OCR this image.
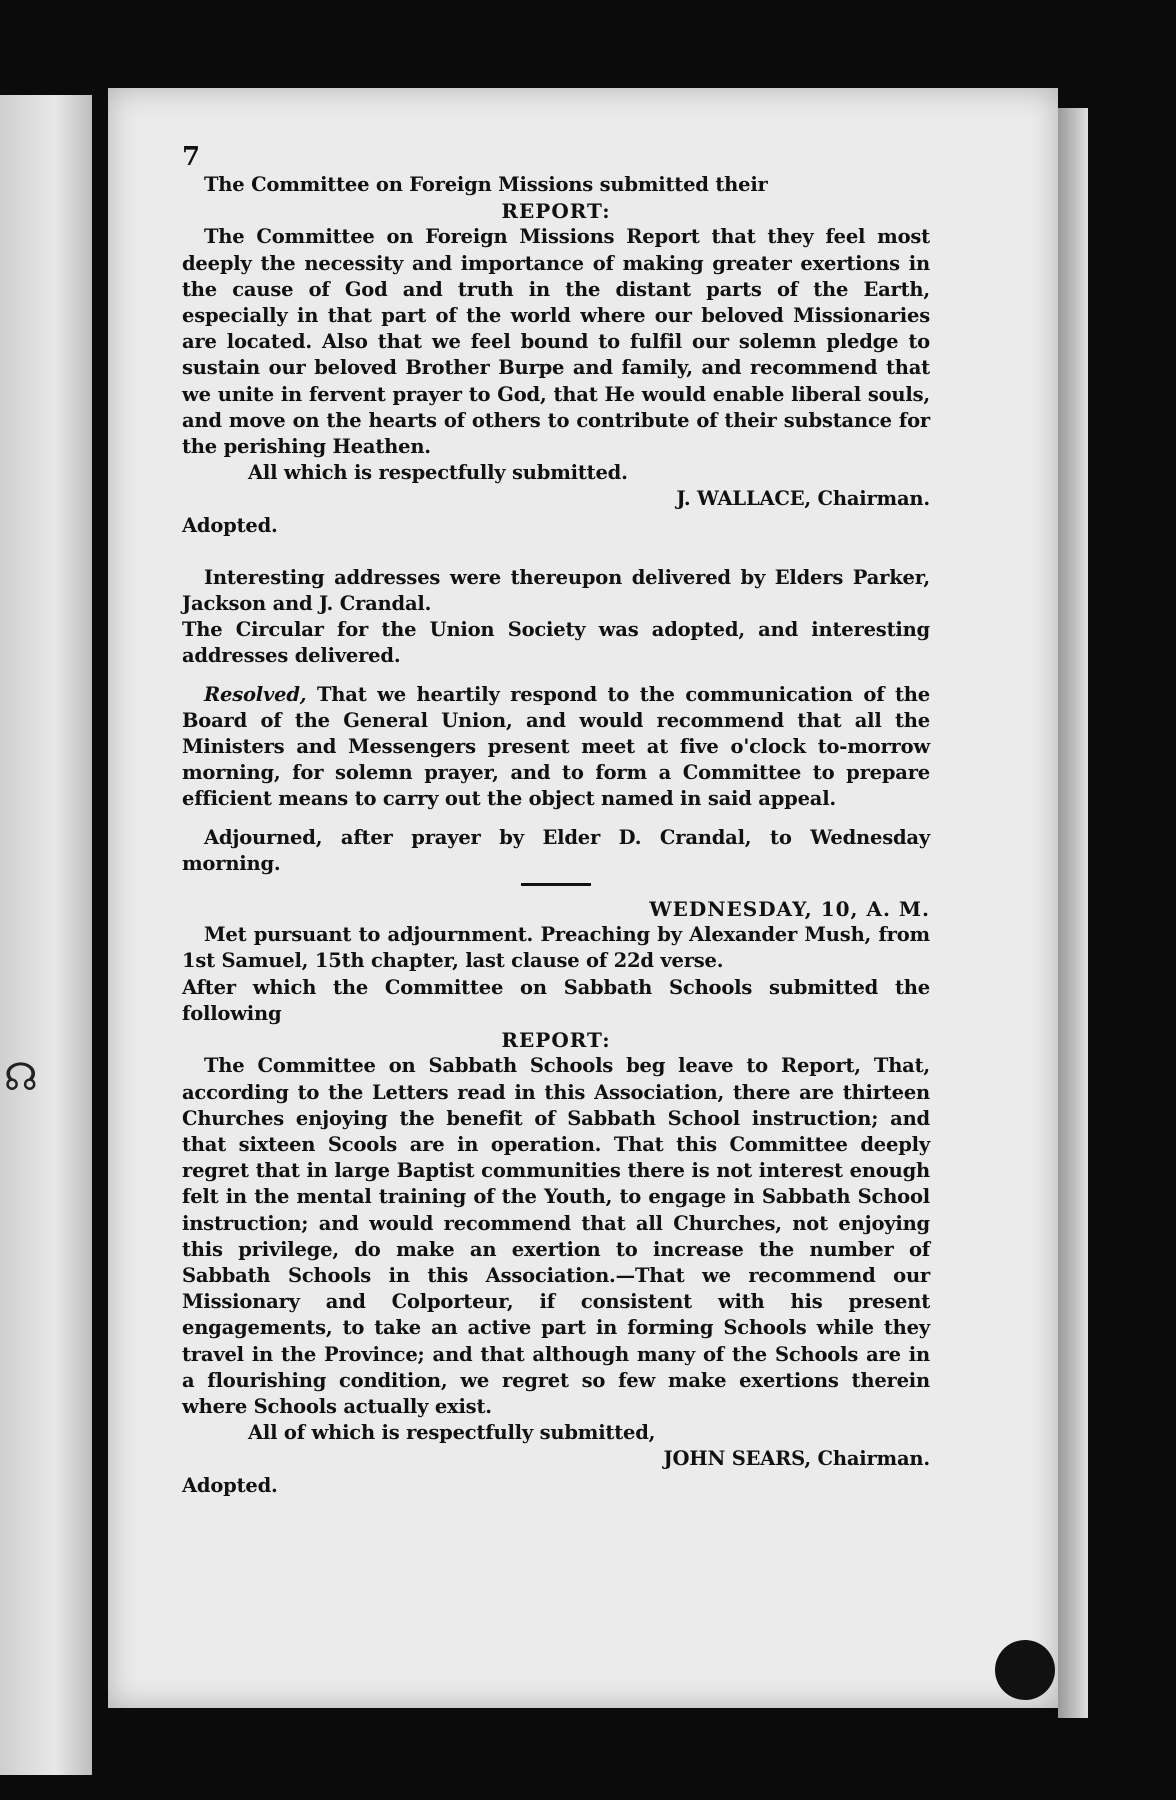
☊

7

The Committee on Foreign Missions submitted their

REPORT:

The Committee on Foreign Missions Report that they feel most deeply the necessity and importance of making greater exertions in the cause of God and truth in the distant parts of the Earth, especially in that part of the world where our beloved Missionaries are located. Also that we feel bound to fulfil our solemn pledge to sustain our beloved Brother Burpe and family, and recommend that we unite in fervent prayer to God, that He would enable liberal souls, and move on the hearts of others to contribute of their substance for the perishing Heathen.

All which is respectfully submitted.

J. WALLACE, Chairman.

Adopted.

Interesting addresses were thereupon delivered by Elders Parker, Jackson and J. Crandal.

The Circular for the Union Society was adopted, and interesting addresses delivered.

Resolved, That we heartily respond to the communication of the Board of the General Union, and would recommend that all the Ministers and Messengers present meet at five o'clock to-morrow morning, for solemn prayer, and to form a Committee to prepare efficient means to carry out the object named in said appeal.

Adjourned, after prayer by Elder D. Crandal, to Wednesday morning.

WEDNESDAY, 10, A. M.

Met pursuant to adjournment. Preaching by Alexander Mush, from 1st Samuel, 15th chapter, last clause of 22d verse.

After which the Committee on Sabbath Schools submitted the following

REPORT:

The Committee on Sabbath Schools beg leave to Report, That, according to the Letters read in this Association, there are thirteen Churches enjoying the benefit of Sabbath School instruction; and that sixteen Scools are in operation. That this Committee deeply regret that in large Baptist communities there is not interest enough felt in the mental training of the Youth, to engage in Sabbath School instruction; and would recommend that all Churches, not enjoying this privilege, do make an exertion to increase the number of Sabbath Schools in this Association.—That we recommend our Missionary and Colporteur, if consistent with his present engagements, to take an active part in forming Schools while they travel in the Province; and that although many of the Schools are in a flourishing condition, we regret so few make exertions therein where Schools actually exist.

All of which is respectfully submitted,

JOHN SEARS, Chairman.

Adopted.
